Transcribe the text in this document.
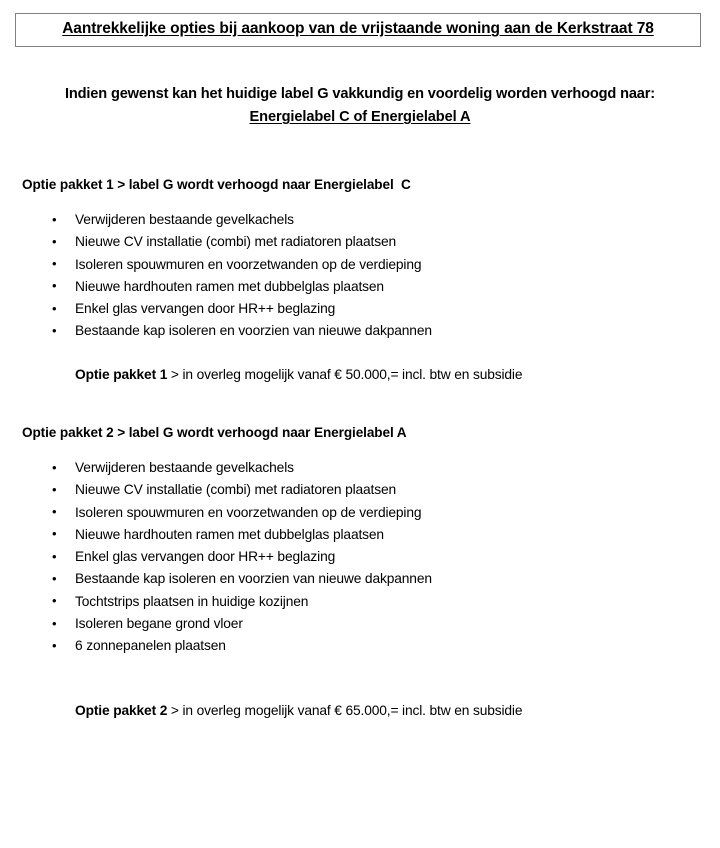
Aantrekkelijke opties bij aankoop van de vrijstaande woning aan de Kerkstraat 78
Indien gewenst kan het huidige label G vakkundig en voordelig worden verhoogd naar:
Energielabel C of Energielabel A
Optie pakket 1 > label G wordt verhoogd naar Energielabel  C
• Verwijderen bestaande gevelkachels
• Nieuwe CV installatie (combi) met radiatoren plaatsen
• Isoleren spouwmuren en voorzetwanden op de verdieping
• Nieuwe hardhouten ramen met dubbelglas plaatsen
• Enkel glas vervangen door HR++ beglazing
• Bestaande kap isoleren en voorzien van nieuwe dakpannen
Optie pakket 1 > in overleg mogelijk vanaf € 50.000,= incl. btw en subsidie
Optie pakket 2 > label G wordt verhoogd naar Energielabel A
• Verwijderen bestaande gevelkachels
• Nieuwe CV installatie (combi) met radiatoren plaatsen
• Isoleren spouwmuren en voorzetwanden op de verdieping
• Nieuwe hardhouten ramen met dubbelglas plaatsen
• Enkel glas vervangen door HR++ beglazing
• Bestaande kap isoleren en voorzien van nieuwe dakpannen
• Tochtstrips plaatsen in huidige kozijnen
• Isoleren begane grond vloer
• 6 zonnepanelen plaatsen
Optie pakket 2 > in overleg mogelijk vanaf € 65.000,= incl. btw en subsidie
